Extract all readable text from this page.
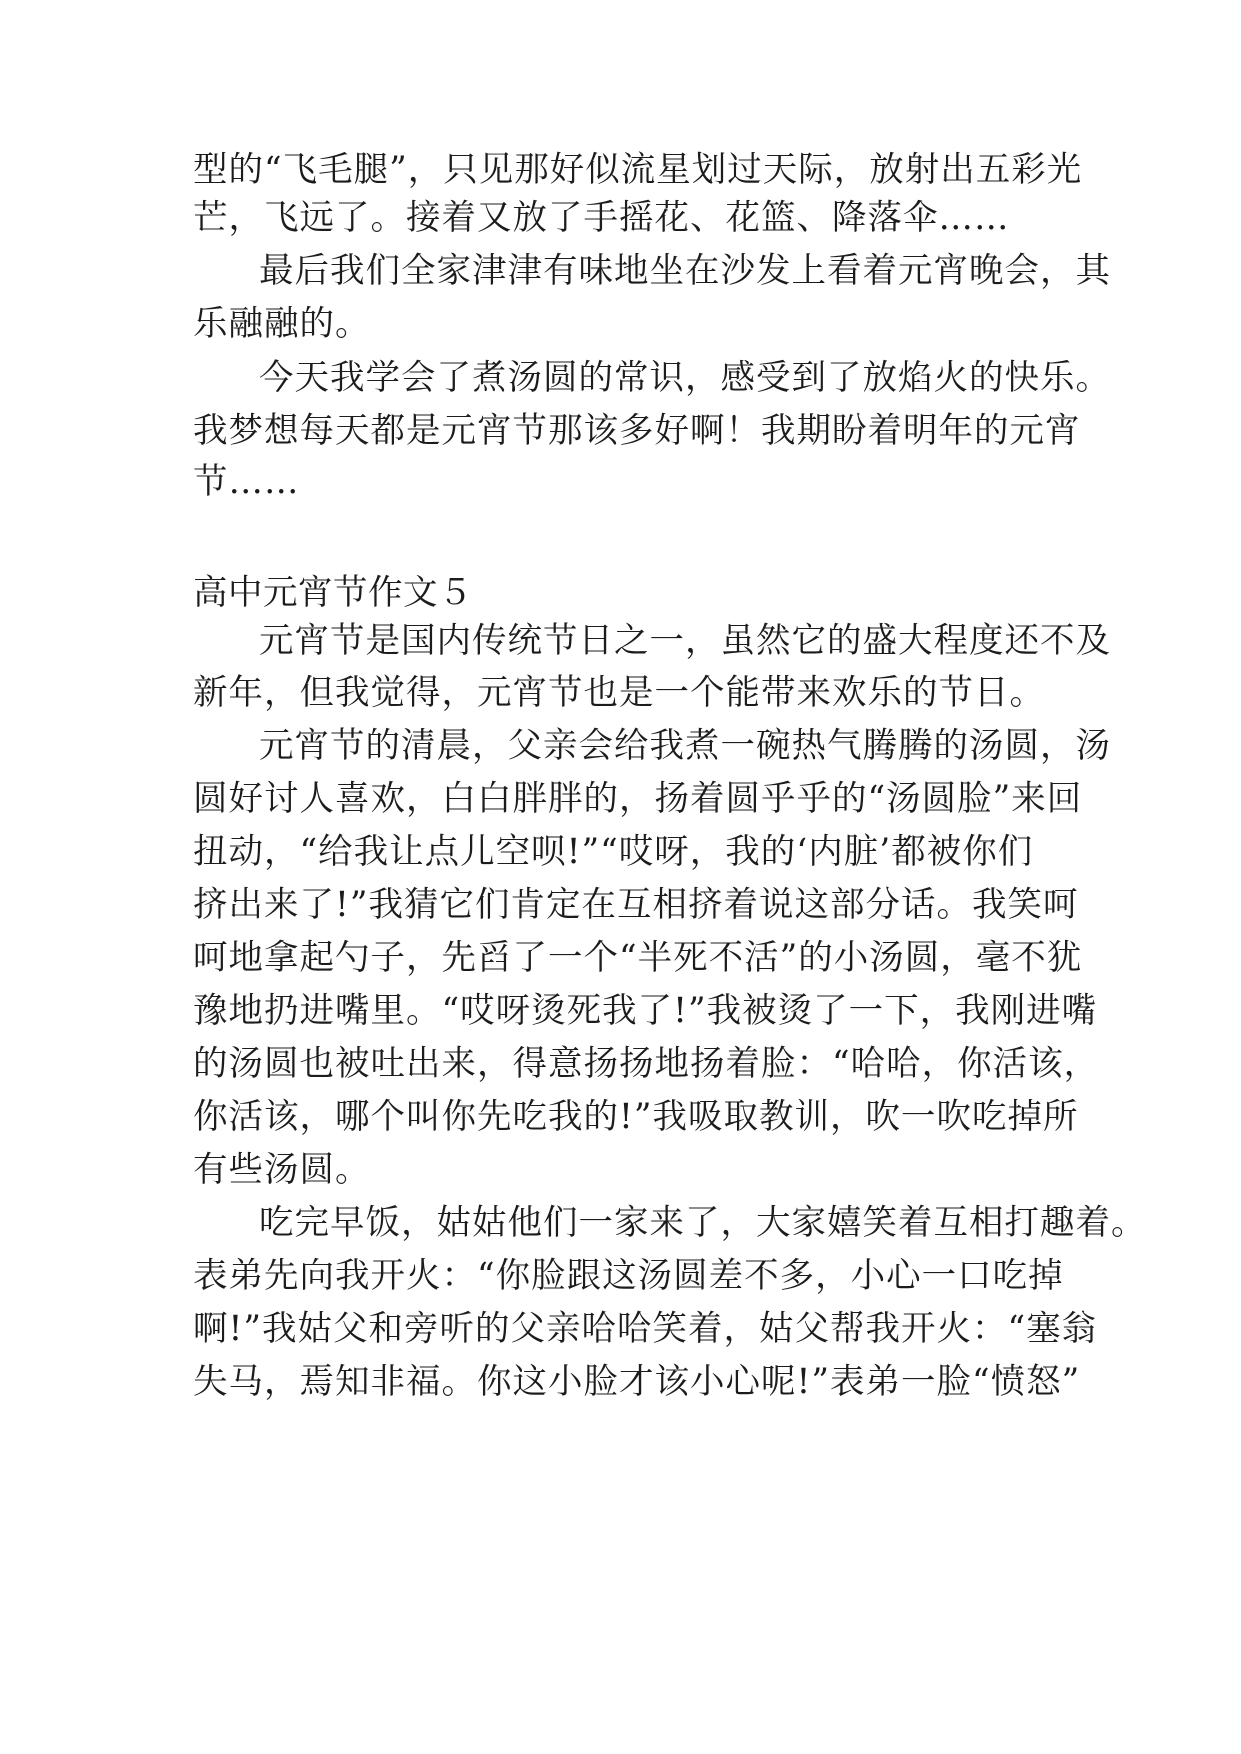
型的“飞毛腿”，只见那好似流星划过天际，放射出五彩光
芒，飞远了。接着又放了手摇花、花篮、降落伞……
最后我们全家津津有味地坐在沙发上看着元宵晚会，其
乐融融的。
今天我学会了煮汤圆的常识，感受到了放焰火的快乐。
我梦想每天都是元宵节那该多好啊！我期盼着明年的元宵
节……
高中元宵节作文５
元宵节是国内传统节日之一，虽然它的盛大程度还不及
新年，但我觉得，元宵节也是一个能带来欢乐的节日。
元宵节的清晨，父亲会给我煮一碗热气腾腾的汤圆，汤
圆好讨人喜欢，白白胖胖的，扬着圆乎乎的“汤圆脸”来回
扭动，“给我让点儿空呗!”“哎呀，我的‘内脏’都被你们
挤出来了!”我猜它们肯定在互相挤着说这部分话。我笑呵
呵地拿起勺子，先舀了一个“半死不活”的小汤圆，毫不犹
豫地扔进嘴里。“哎呀烫死我了!”我被烫了一下，我刚进嘴
的汤圆也被吐出来，得意扬扬地扬着脸：“哈哈，你活该，
你活该，哪个叫你先吃我的!”我吸取教训，吹一吹吃掉所
有些汤圆。
吃完早饭，姑姑他们一家来了，大家嬉笑着互相打趣着。
表弟先向我开火：“你脸跟这汤圆差不多，小心一口吃掉
啊!”我姑父和旁听的父亲哈哈笑着，姑父帮我开火：“塞翁
失马，焉知非福。你这小脸才该小心呢!”表弟一脸“愤怒”
